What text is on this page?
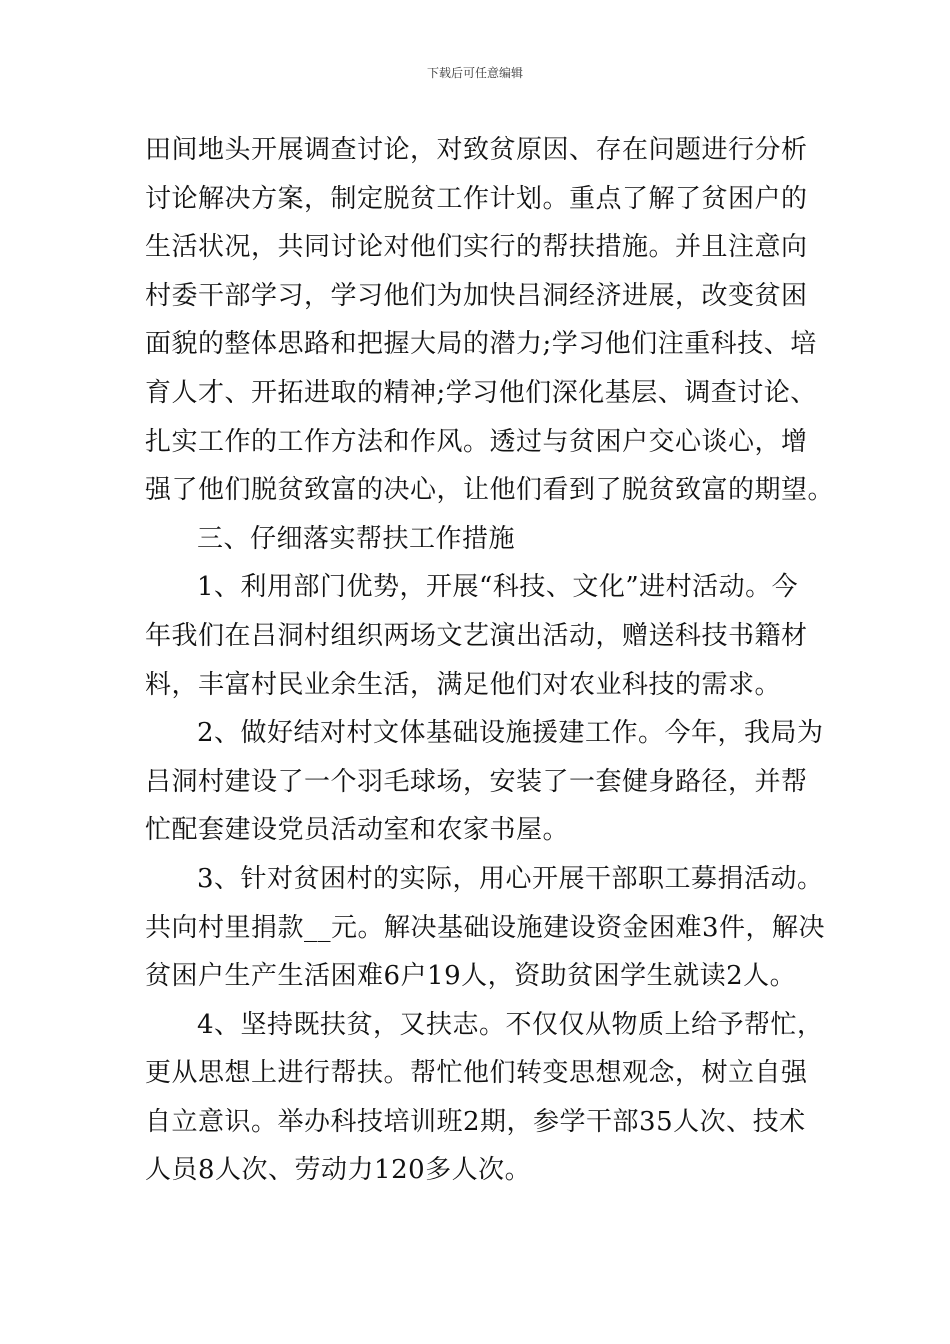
下载后可任意编辑
田间地头开展调查讨论，对致贫原因、存在问题进行分析
讨论解决方案，制定脱贫工作计划。重点了解了贫困户的
生活状况，共同讨论对他们实行的帮扶措施。并且注意向
村委干部学习，学习他们为加快吕洞经济进展，改变贫困
面貌的整体思路和把握大局的潜力;学习他们注重科技、培
育人才、开拓进取的精神;学习他们深化基层、调查讨论、
扎实工作的工作方法和作风。透过与贫困户交心谈心，增
强了他们脱贫致富的决心，让他们看到了脱贫致富的期望。
三、仔细落实帮扶工作措施
1、利用部门优势，开展“科技、文化”进村活动。今
年我们在吕洞村组织两场文艺演出活动，赠送科技书籍材
料，丰富村民业余生活，满足他们对农业科技的需求。
2、做好结对村文体基础设施援建工作。今年，我局为
吕洞村建设了一个羽毛球场，安装了一套健身路径，并帮
忙配套建设党员活动室和农家书屋。
3、针对贫困村的实际，用心开展干部职工募捐活动。
共向村里捐款__元。解决基础设施建设资金困难3件，解决
贫困户生产生活困难6户19人，资助贫困学生就读2人。
4、坚持既扶贫，又扶志。不仅仅从物质上给予帮忙，
更从思想上进行帮扶。帮忙他们转变思想观念，树立自强
自立意识。举办科技培训班2期，参学干部35人次、技术
人员8人次、劳动力120多人次。
